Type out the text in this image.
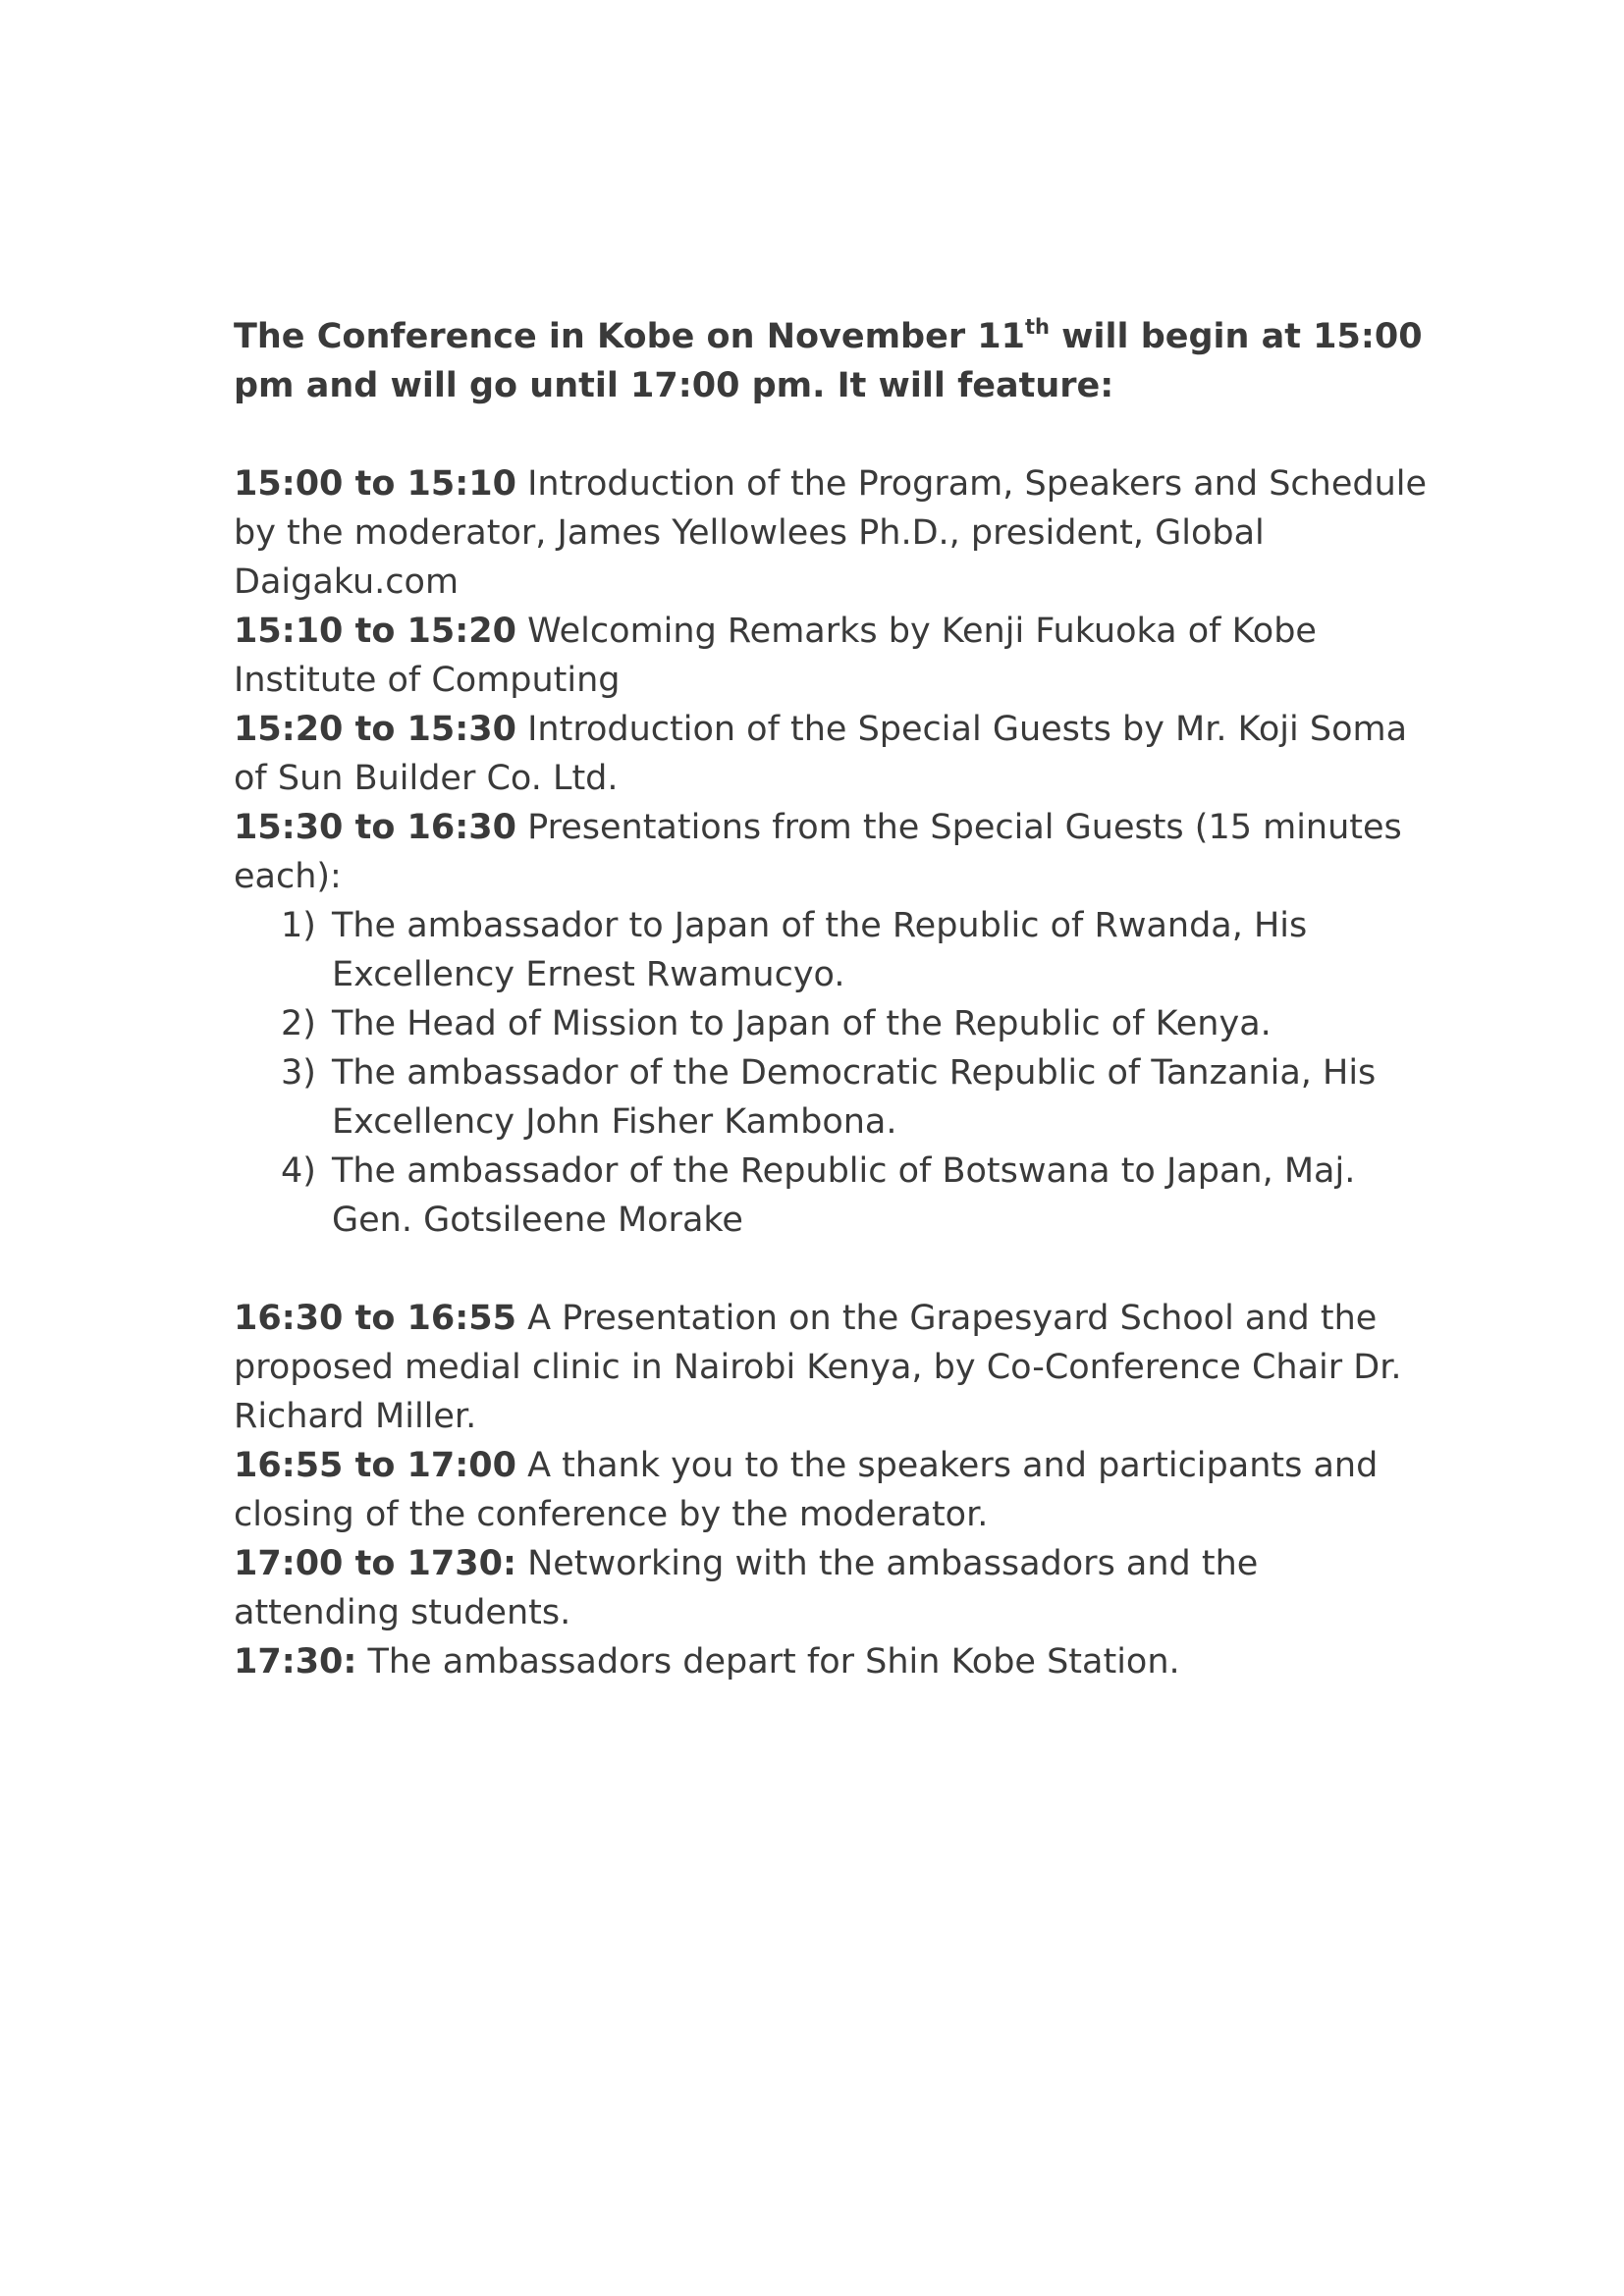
The Conference in Kobe on November 11th will begin at 15:00
pm and will go until 17:00 pm. It will feature:

15:00 to 15:10 Introduction of the Program, Speakers and Schedule by the moderator, James Yellowlees Ph.D., president, Global Daigaku.com

15:10 to 15:20 Welcoming Remarks by Kenji Fukuoka of Kobe Institute of Computing

15:20 to 15:30 Introduction of the Special Guests by Mr. Koji Soma of Sun Builder Co. Ltd.

15:30 to 16:30 Presentations from the Special Guests (15 minutes each):

1) The ambassador to Japan of the Republic of Rwanda, His Excellency Ernest Rwamucyo.
2) The Head of Mission to Japan of the Republic of Kenya.
3) The ambassador of the Democratic Republic of Tanzania, His Excellency John Fisher Kambona.
4) The ambassador of the Republic of Botswana to Japan, Maj. Gen. Gotsileene Morake

16:30 to 16:55 A Presentation on the Grapesyard School and the proposed medial clinic in Nairobi Kenya, by Co-Conference Chair Dr. Richard Miller.

16:55 to 17:00 A thank you to the speakers and participants and closing of the conference by the moderator.

17:00 to 1730: Networking with the ambassadors and the attending students.

17:30: The ambassadors depart for Shin Kobe Station.
